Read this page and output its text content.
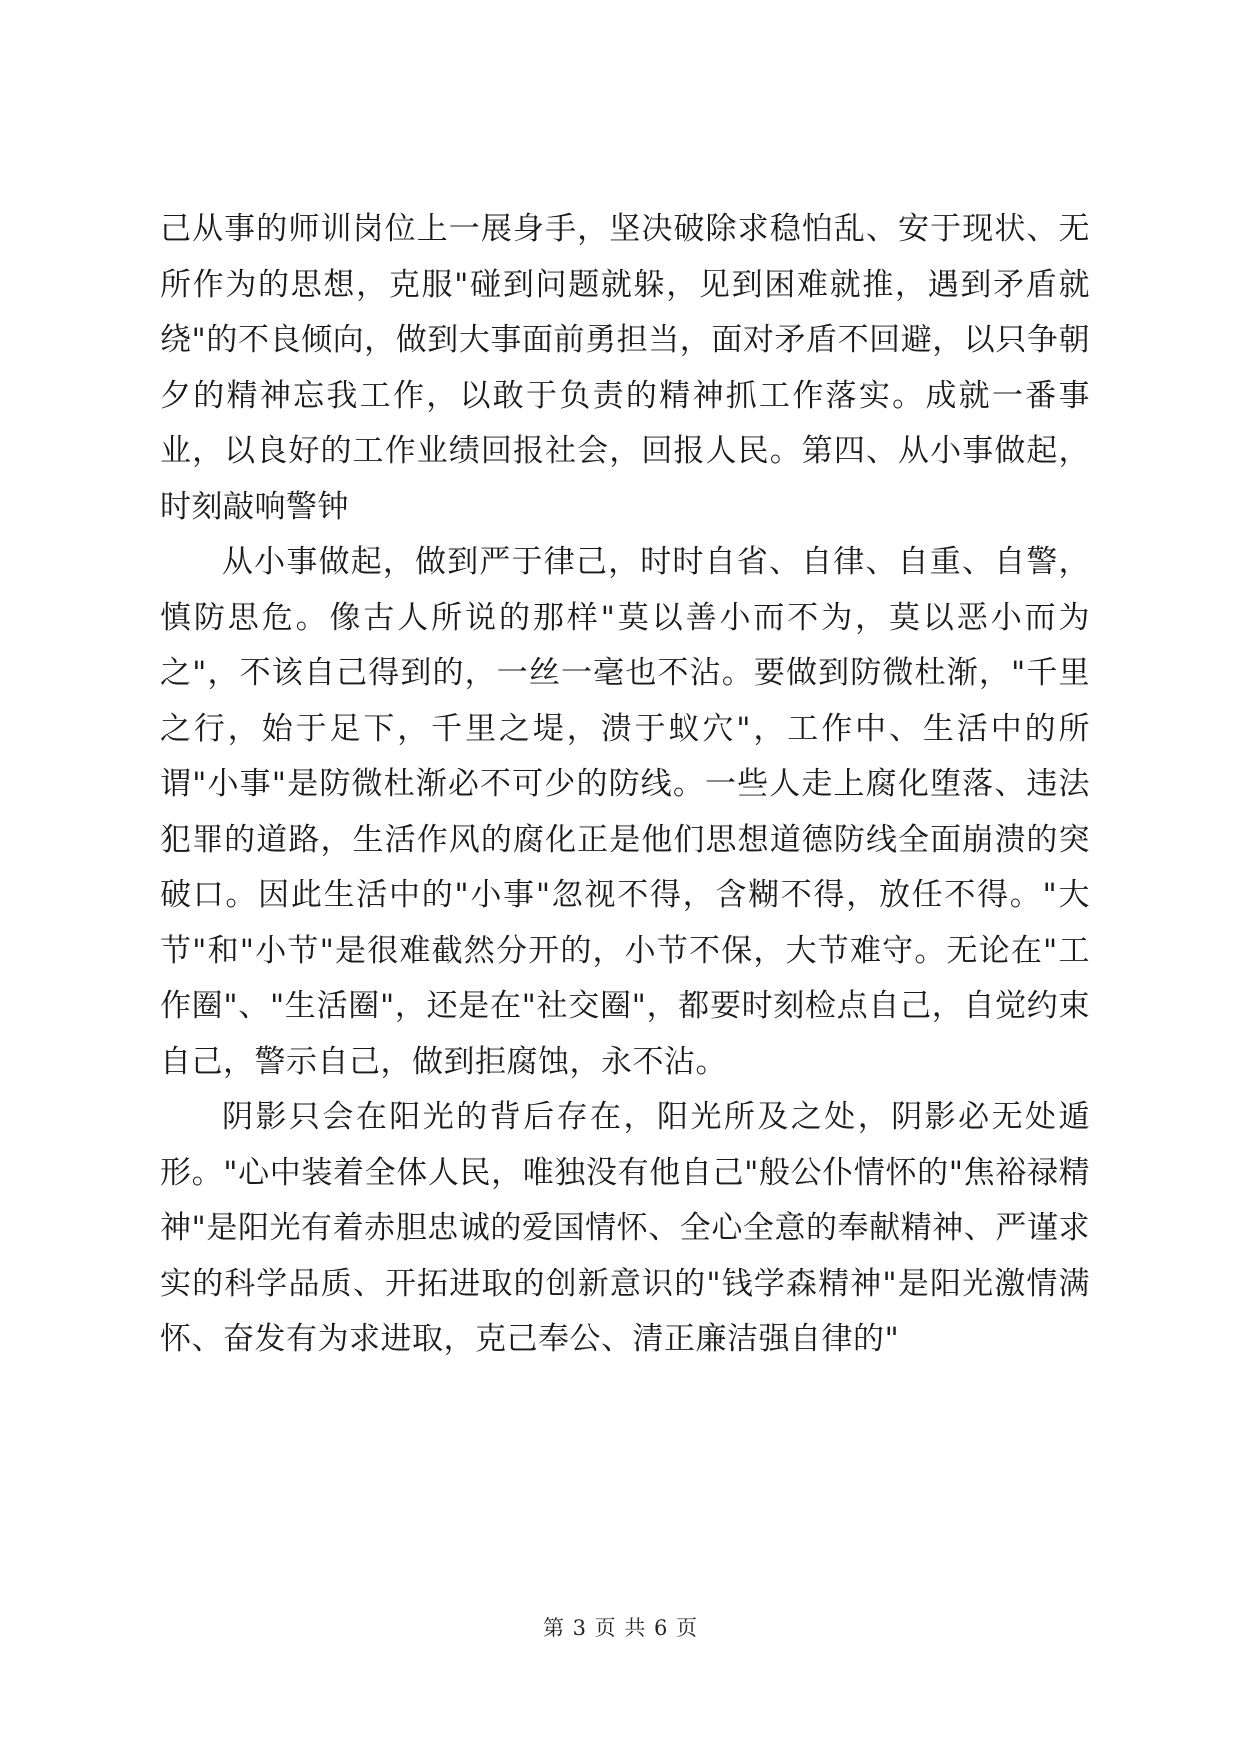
己从事的师训岗位上一展身手，坚决破除求稳怕乱、安于现状、无所作为的思想，克服"碰到问题就躲，见到困难就推，遇到矛盾就绕"的不良倾向，做到大事面前勇担当，面对矛盾不回避，以只争朝夕的精神忘我工作，以敢于负责的精神抓工作落实。成就一番事业，以良好的工作业绩回报社会，回报人民。第四、从小事做起，时刻敲响警钟

从小事做起，做到严于律己，时时自省、自律、自重、自警，慎防思危。像古人所说的那样"莫以善小而不为，莫以恶小而为之"，不该自己得到的，一丝一毫也不沾。要做到防微杜渐，"千里之行，始于足下，千里之堤，溃于蚁穴"，工作中、生活中的所谓"小事"是防微杜渐必不可少的防线。一些人走上腐化堕落、违法犯罪的道路，生活作风的腐化正是他们思想道德防线全面崩溃的突破口。因此生活中的"小事"忽视不得，含糊不得，放任不得。"大节"和"小节"是很难截然分开的，小节不保，大节难守。无论在"工作圈"、"生活圈"，还是在"社交圈"，都要时刻检点自己，自觉约束自己，警示自己，做到拒腐蚀，永不沾。

阴影只会在阳光的背后存在，阳光所及之处，阴影必无处遁形。"心中装着全体人民，唯独没有他自己"般公仆情怀的"焦裕禄精神"是阳光有着赤胆忠诚的爱国情怀、全心全意的奉献精神、严谨求实的科学品质、开拓进取的创新意识的"钱学森精神"是阳光激情满怀、奋发有为求进取，克己奉公、清正廉洁强自律的"

第 3 页 共 6 页
